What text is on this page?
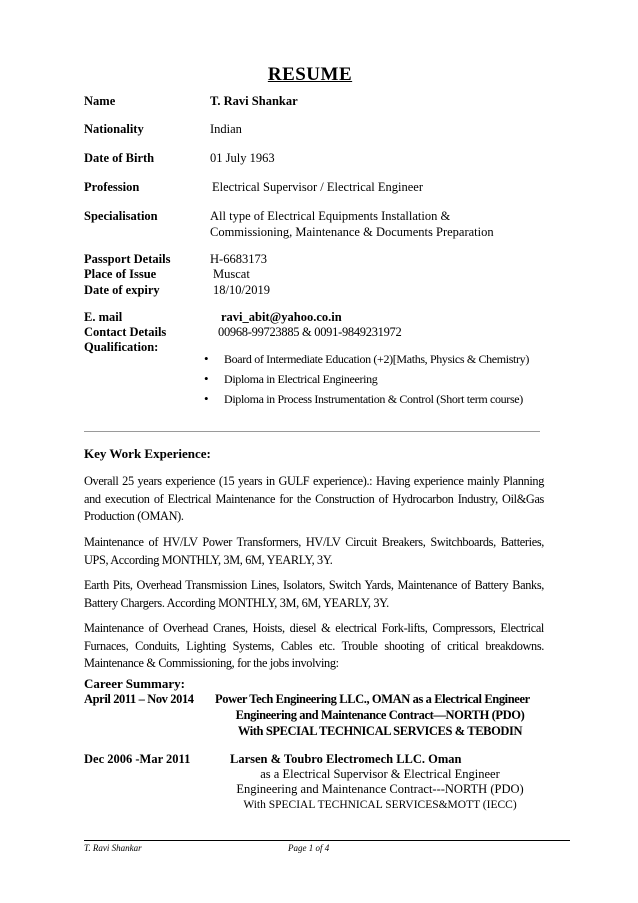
RESUME
Name	T. Ravi Shankar
Nationality	Indian
Date of Birth	01 July 1963
Profession	Electrical Supervisor / Electrical Engineer
Specialisation	All type of Electrical Equipments Installation &
Commissioning, Maintenance & Documents Preparation
Passport Details	H-6683173
Place of Issue	Muscat
Date of expiry	18/10/2019
E. mail	ravi_abit@yahoo.co.in
Contact Details	00968-99723885 & 0091-9849231972
Qualification:
• Board of Intermediate Education (+2)[Maths, Physics & Chemistry)
• Diploma in Electrical Engineering
• Diploma in Process Instrumentation & Control (Short term course)
Key Work Experience:

Overall 25 years experience (15 years in GULF experience).: Having experience mainly Planning and execution of Electrical Maintenance for the Construction of Hydrocarbon Industry, Oil&Gas Production (OMAN).

Maintenance of HV/LV Power Transformers, HV/LV Circuit Breakers, Switchboards, Batteries, UPS, According MONTHLY, 3M, 6M, YEARLY, 3Y.

Earth Pits, Overhead Transmission Lines, Isolators, Switch Yards, Maintenance of Battery Banks, Battery Chargers. According MONTHLY, 3M, 6M, YEARLY, 3Y.

Maintenance of Overhead Cranes, Hoists, diesel & electrical Fork-lifts, Compressors, Electrical Furnaces, Conduits, Lighting Systems, Cables etc. Trouble shooting of critical breakdowns. Maintenance & Commissioning, for the jobs involving:

Career Summary:
April 2011 – Nov 2014 Power Tech Engineering LLC., OMAN as a Electrical Engineer
Engineering and Maintenance Contract—NORTH (PDO)
With SPECIAL TECHNICAL SERVICES & TEBODIN
Dec 2006 -Mar 2011	Larsen & Toubro Electromech LLC. Oman
as a Electrical Supervisor & Electrical Engineer
Engineering and Maintenance Contract---NORTH (PDO)
With SPECIAL TECHNICAL SERVICES&MOTT (IECC)
T. Ravi Shankar	Page 1 of 4
